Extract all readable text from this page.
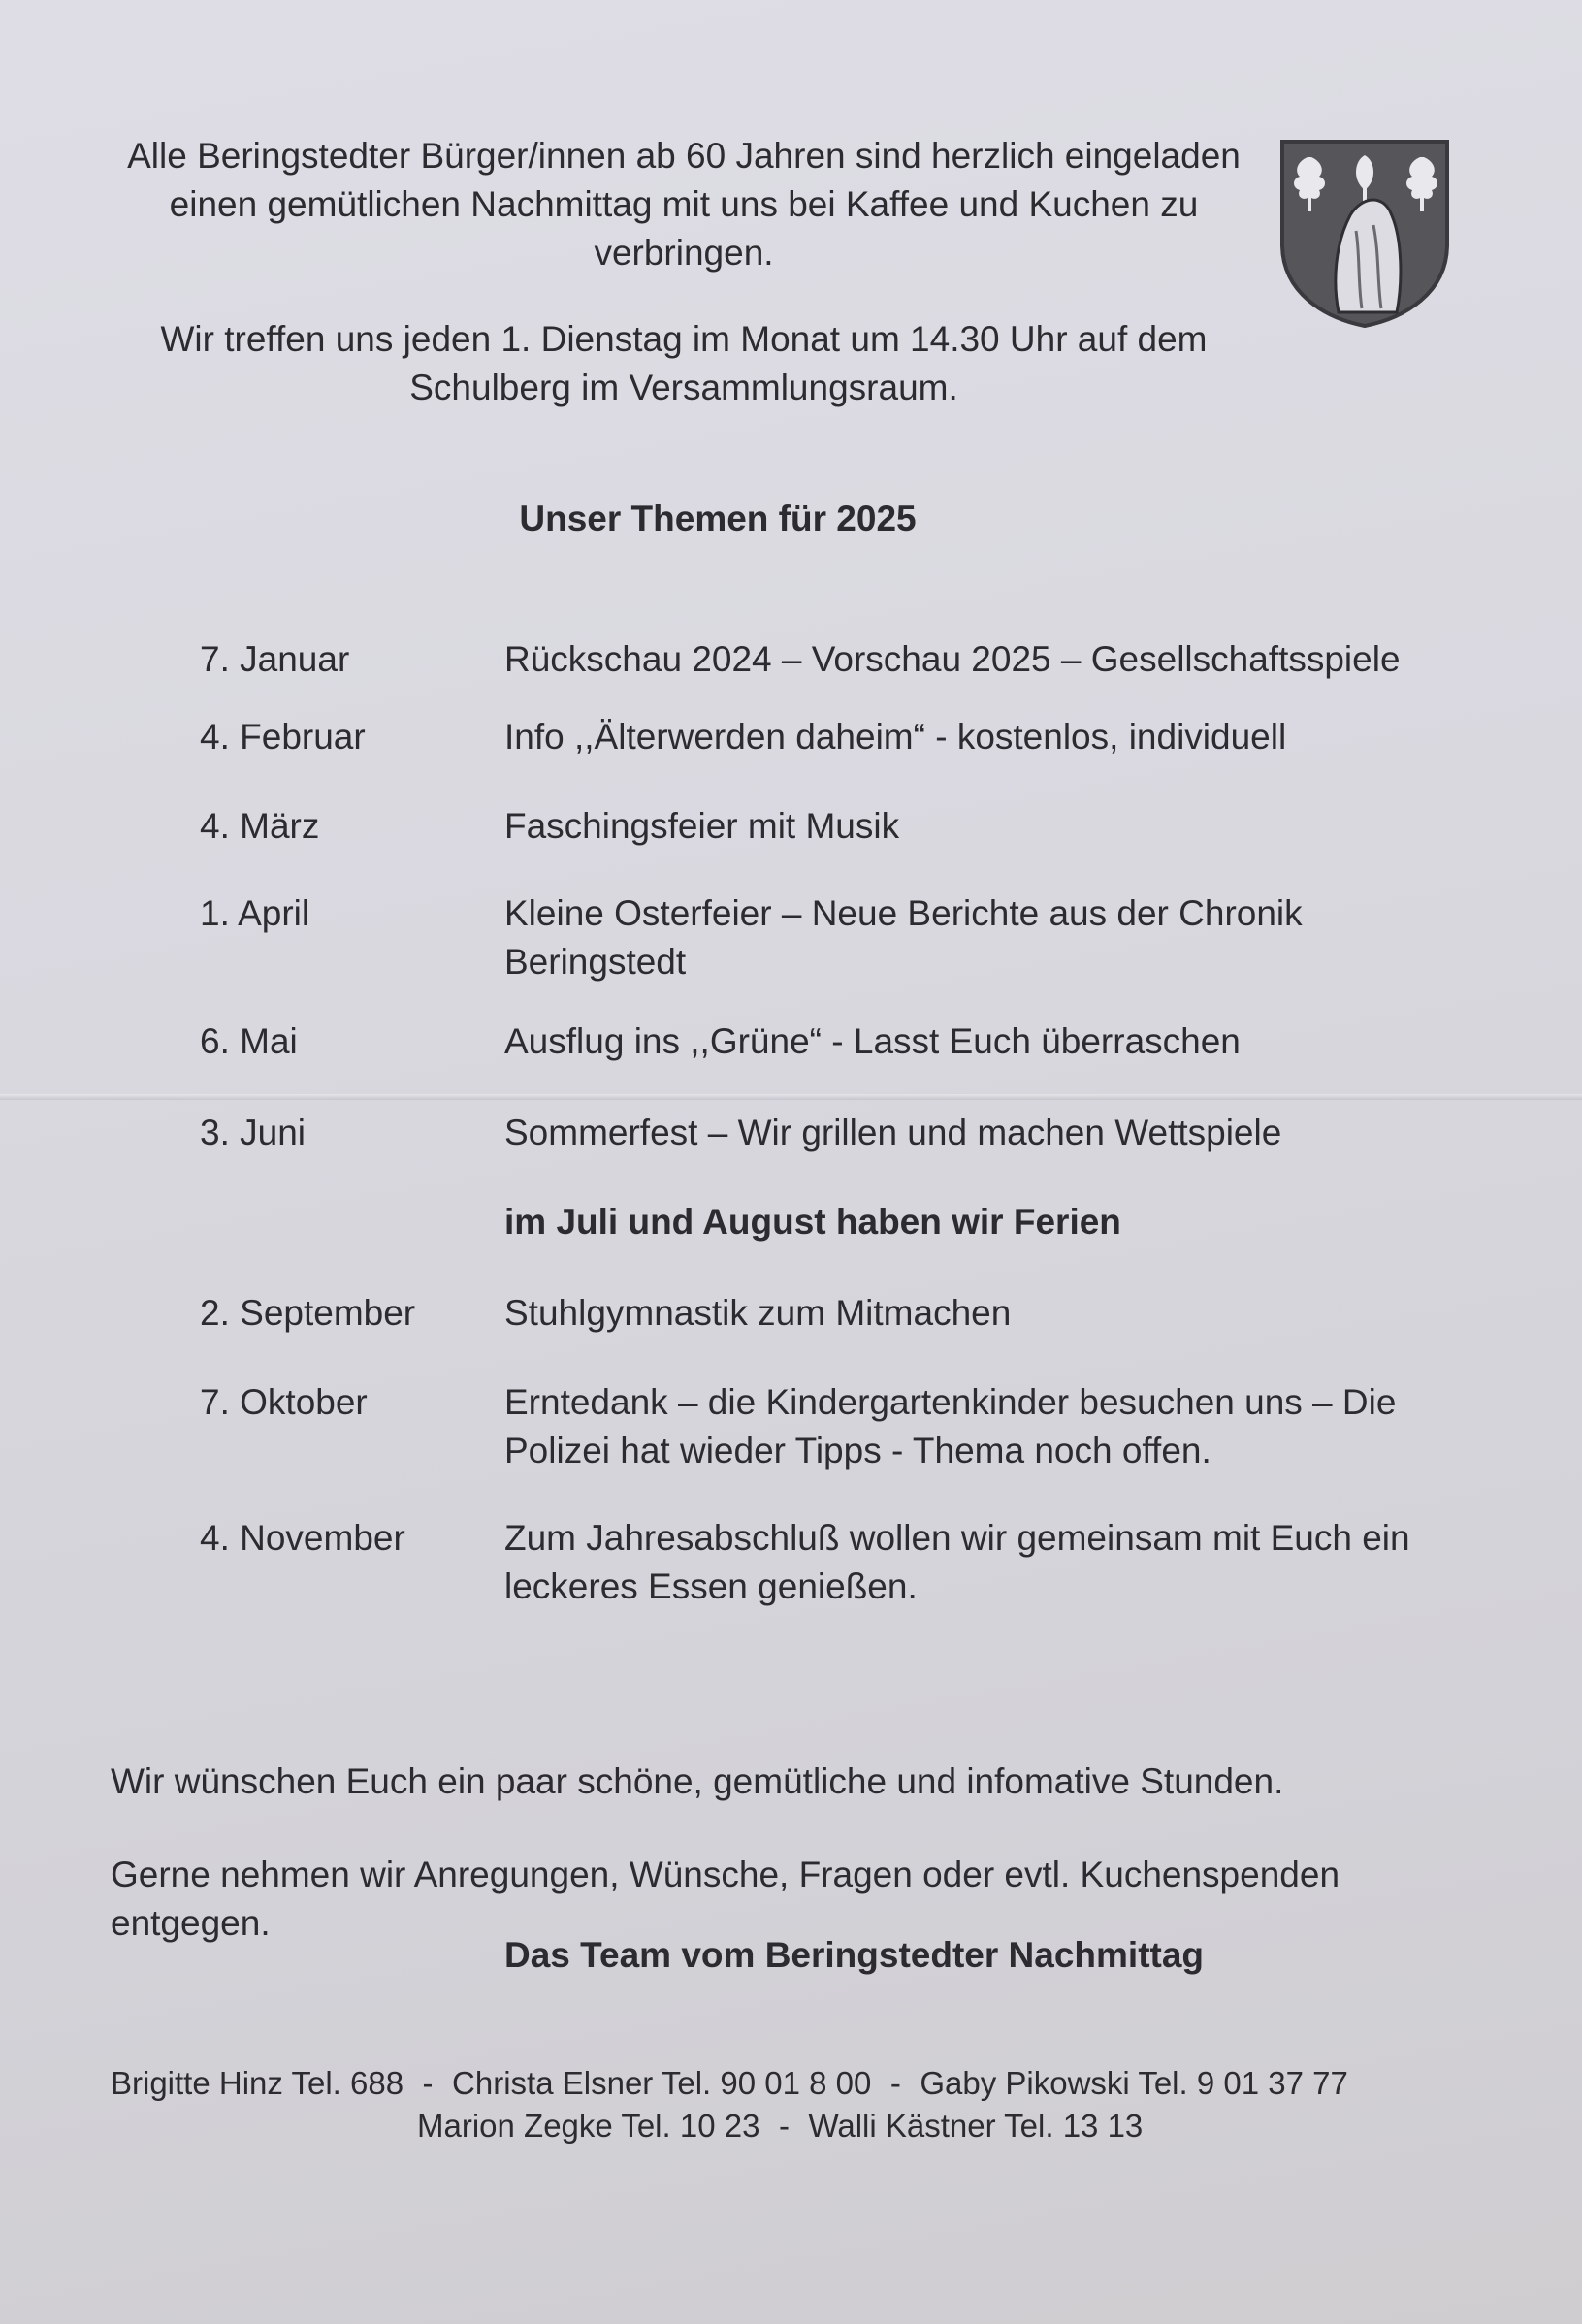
Alle Beringstedter Bürger/innen ab 60 Jahren sind herzlich eingeladen einen gemütlichen Nachmittag mit uns bei Kaffee und Kuchen zu verbringen.
Wir treffen uns jeden 1. Dienstag im Monat um 14.30 Uhr auf dem Schulberg im Versammlungsraum.
Unser Themen für 2025
7. Januar	Rückschau 2024 – Vorschau 2025 – Gesellschaftsspiele
4. Februar	Info ,,Älterwerden daheim“ - kostenlos, individuell
4. März	Faschingsfeier mit Musik
1. April	Kleine Osterfeier – Neue Berichte aus der Chronik Beringstedt
6. Mai	Ausflug ins ,,Grüne“ - Lasst Euch überraschen
3. Juni	Sommerfest – Wir grillen und machen Wettspiele
im Juli und August haben wir Ferien
2. September	Stuhlgymnastik zum Mitmachen
7. Oktober	Erntedank – die Kindergartenkinder besuchen uns – Die Polizei hat wieder Tipps - Thema noch offen.
4. November	Zum Jahresabschluß wollen wir gemeinsam mit Euch ein leckeres Essen genießen.
Wir wünschen Euch ein paar schöne, gemütliche und infomative Stunden.
Gerne nehmen wir Anregungen, Wünsche, Fragen oder evtl. Kuchenspenden entgegen.
Das Team vom Beringstedter Nachmittag
Brigitte Hinz Tel. 688 - Christa Elsner Tel. 90 01 8 00 - Gaby Pikowski Tel. 9 01 37 77
Marion Zegke Tel. 10 23 - Walli Kästner Tel. 13 13
